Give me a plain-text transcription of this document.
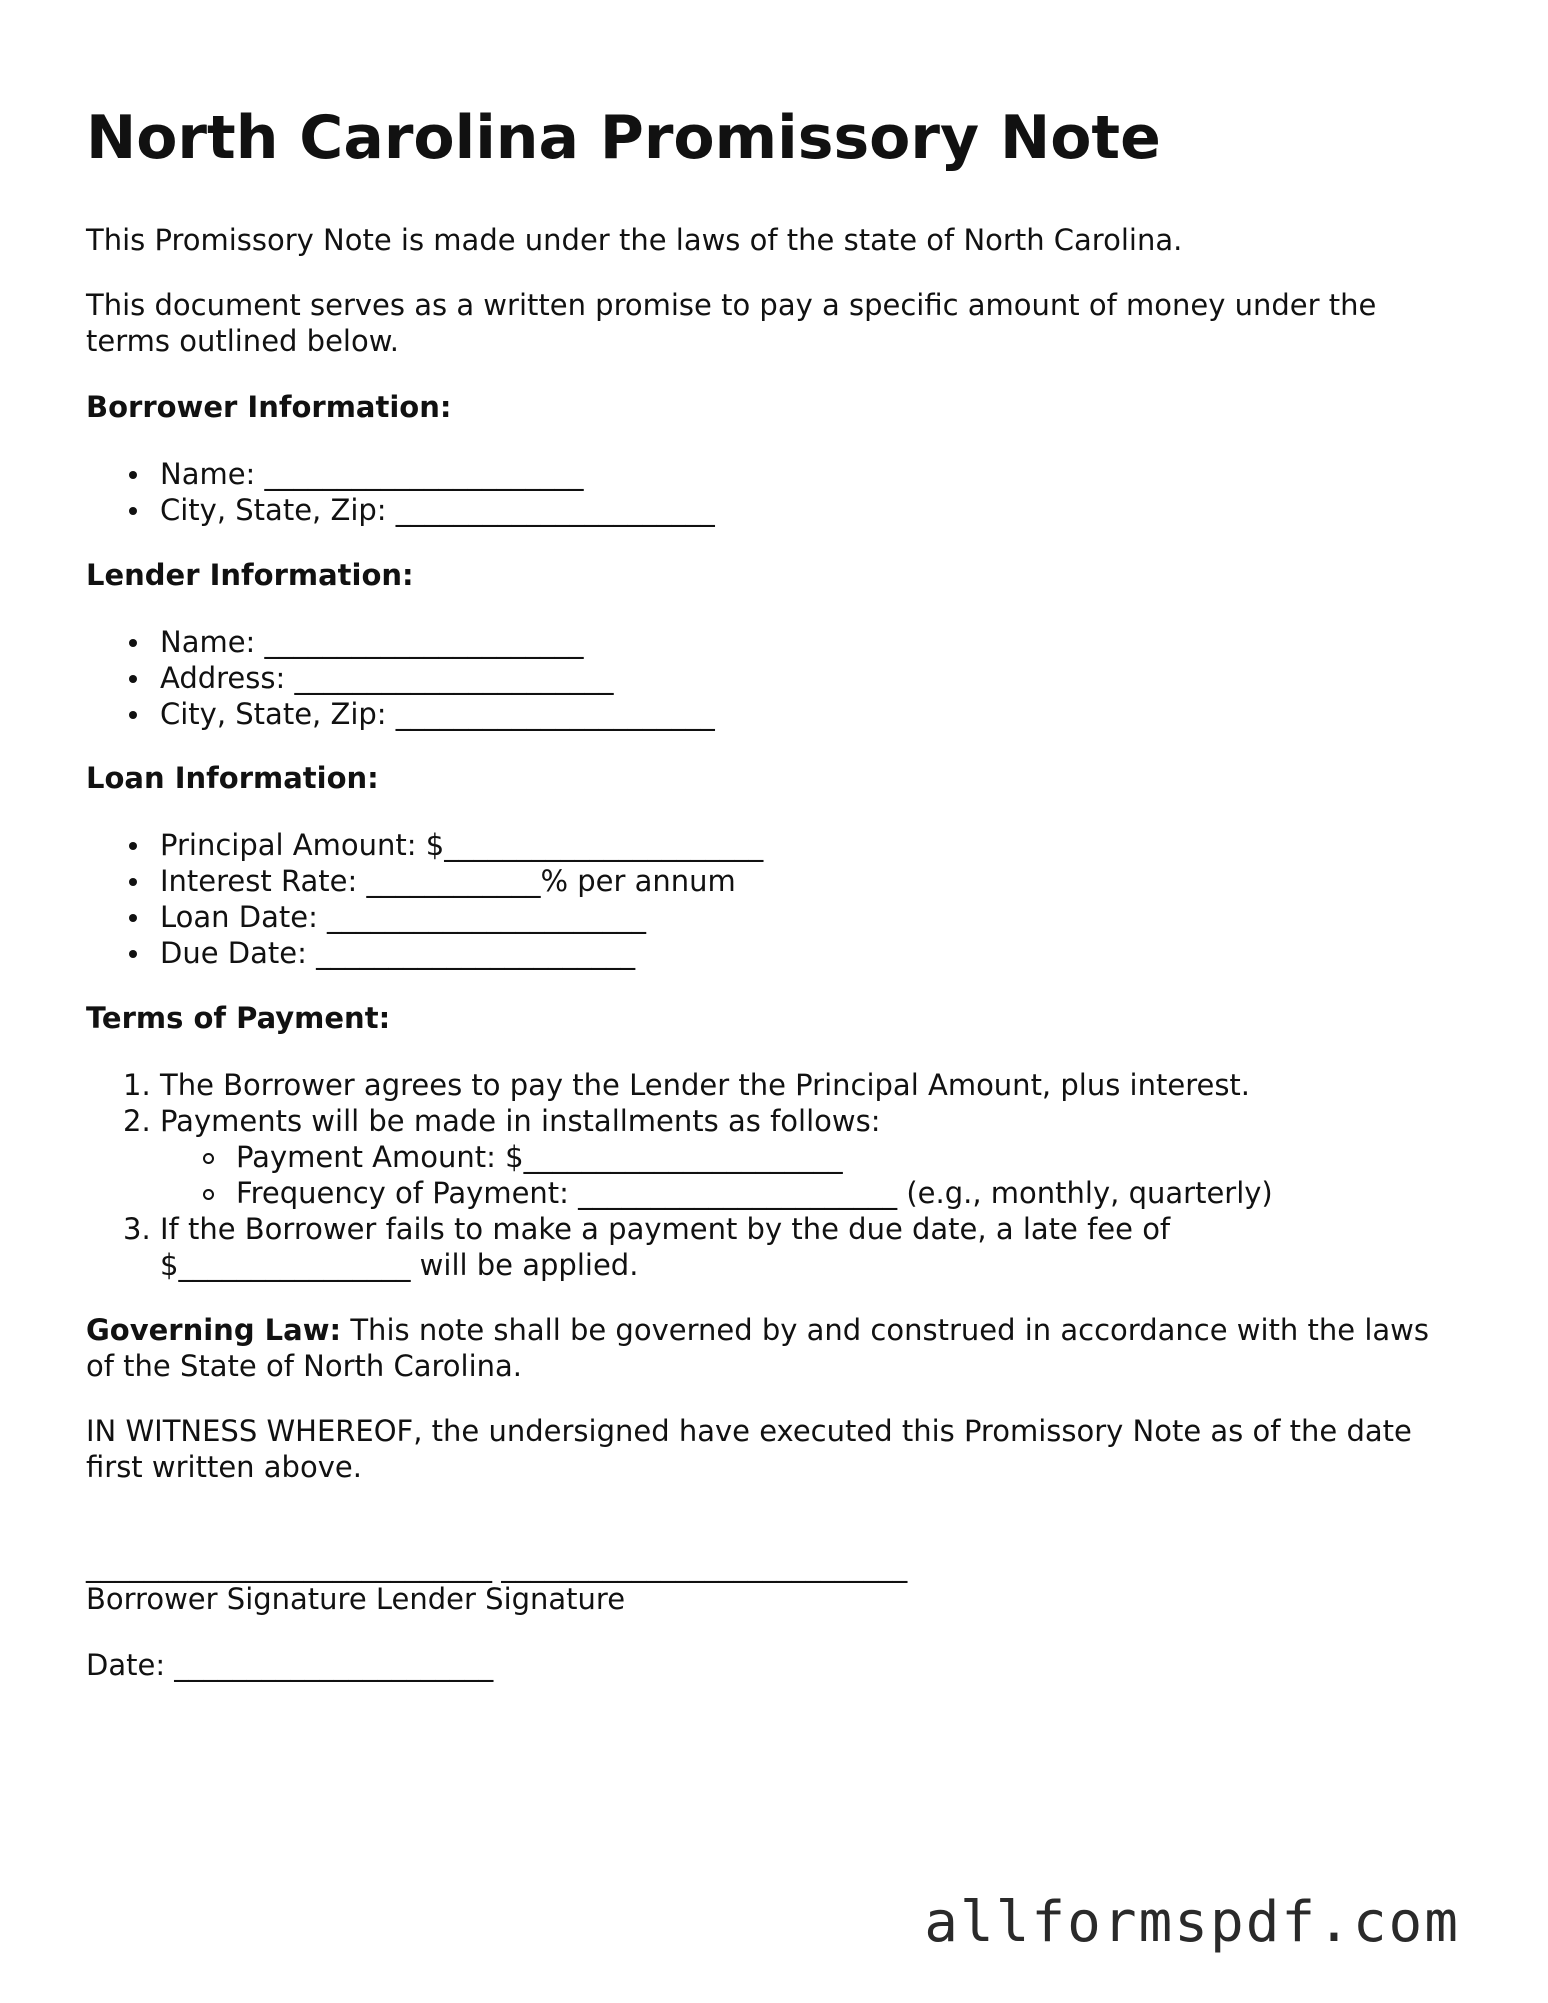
North Carolina Promissory Note

This Promissory Note is made under the laws of the state of North Carolina.

This document serves as a written promise to pay a specific amount of money under the terms outlined below.

Borrower Information:

Name: ______________________
City, State, Zip: ______________________

Lender Information:

Name: ______________________
Address: ______________________
City, State, Zip: ______________________

Loan Information:

Principal Amount: $______________________
Interest Rate: ____________% per annum
Loan Date: ______________________
Due Date: ______________________

Terms of Payment:

1. The Borrower agrees to pay the Lender the Principal Amount, plus interest.
2. Payments will be made in installments as follows:
Payment Amount: $______________________
Frequency of Payment: ______________________ (e.g., monthly, quarterly)
3. If the Borrower fails to make a payment by the due date, a late fee of
$________________ will be applied.

Governing Law: This note shall be governed by and construed in accordance with the laws of the State of North Carolina.

IN WITNESS WHEREOF, the undersigned have executed this Promissory Note as of the date first written above.

____________________________ ____________________________

Borrower Signature Lender Signature

Date: ______________________

allformspdf.com
